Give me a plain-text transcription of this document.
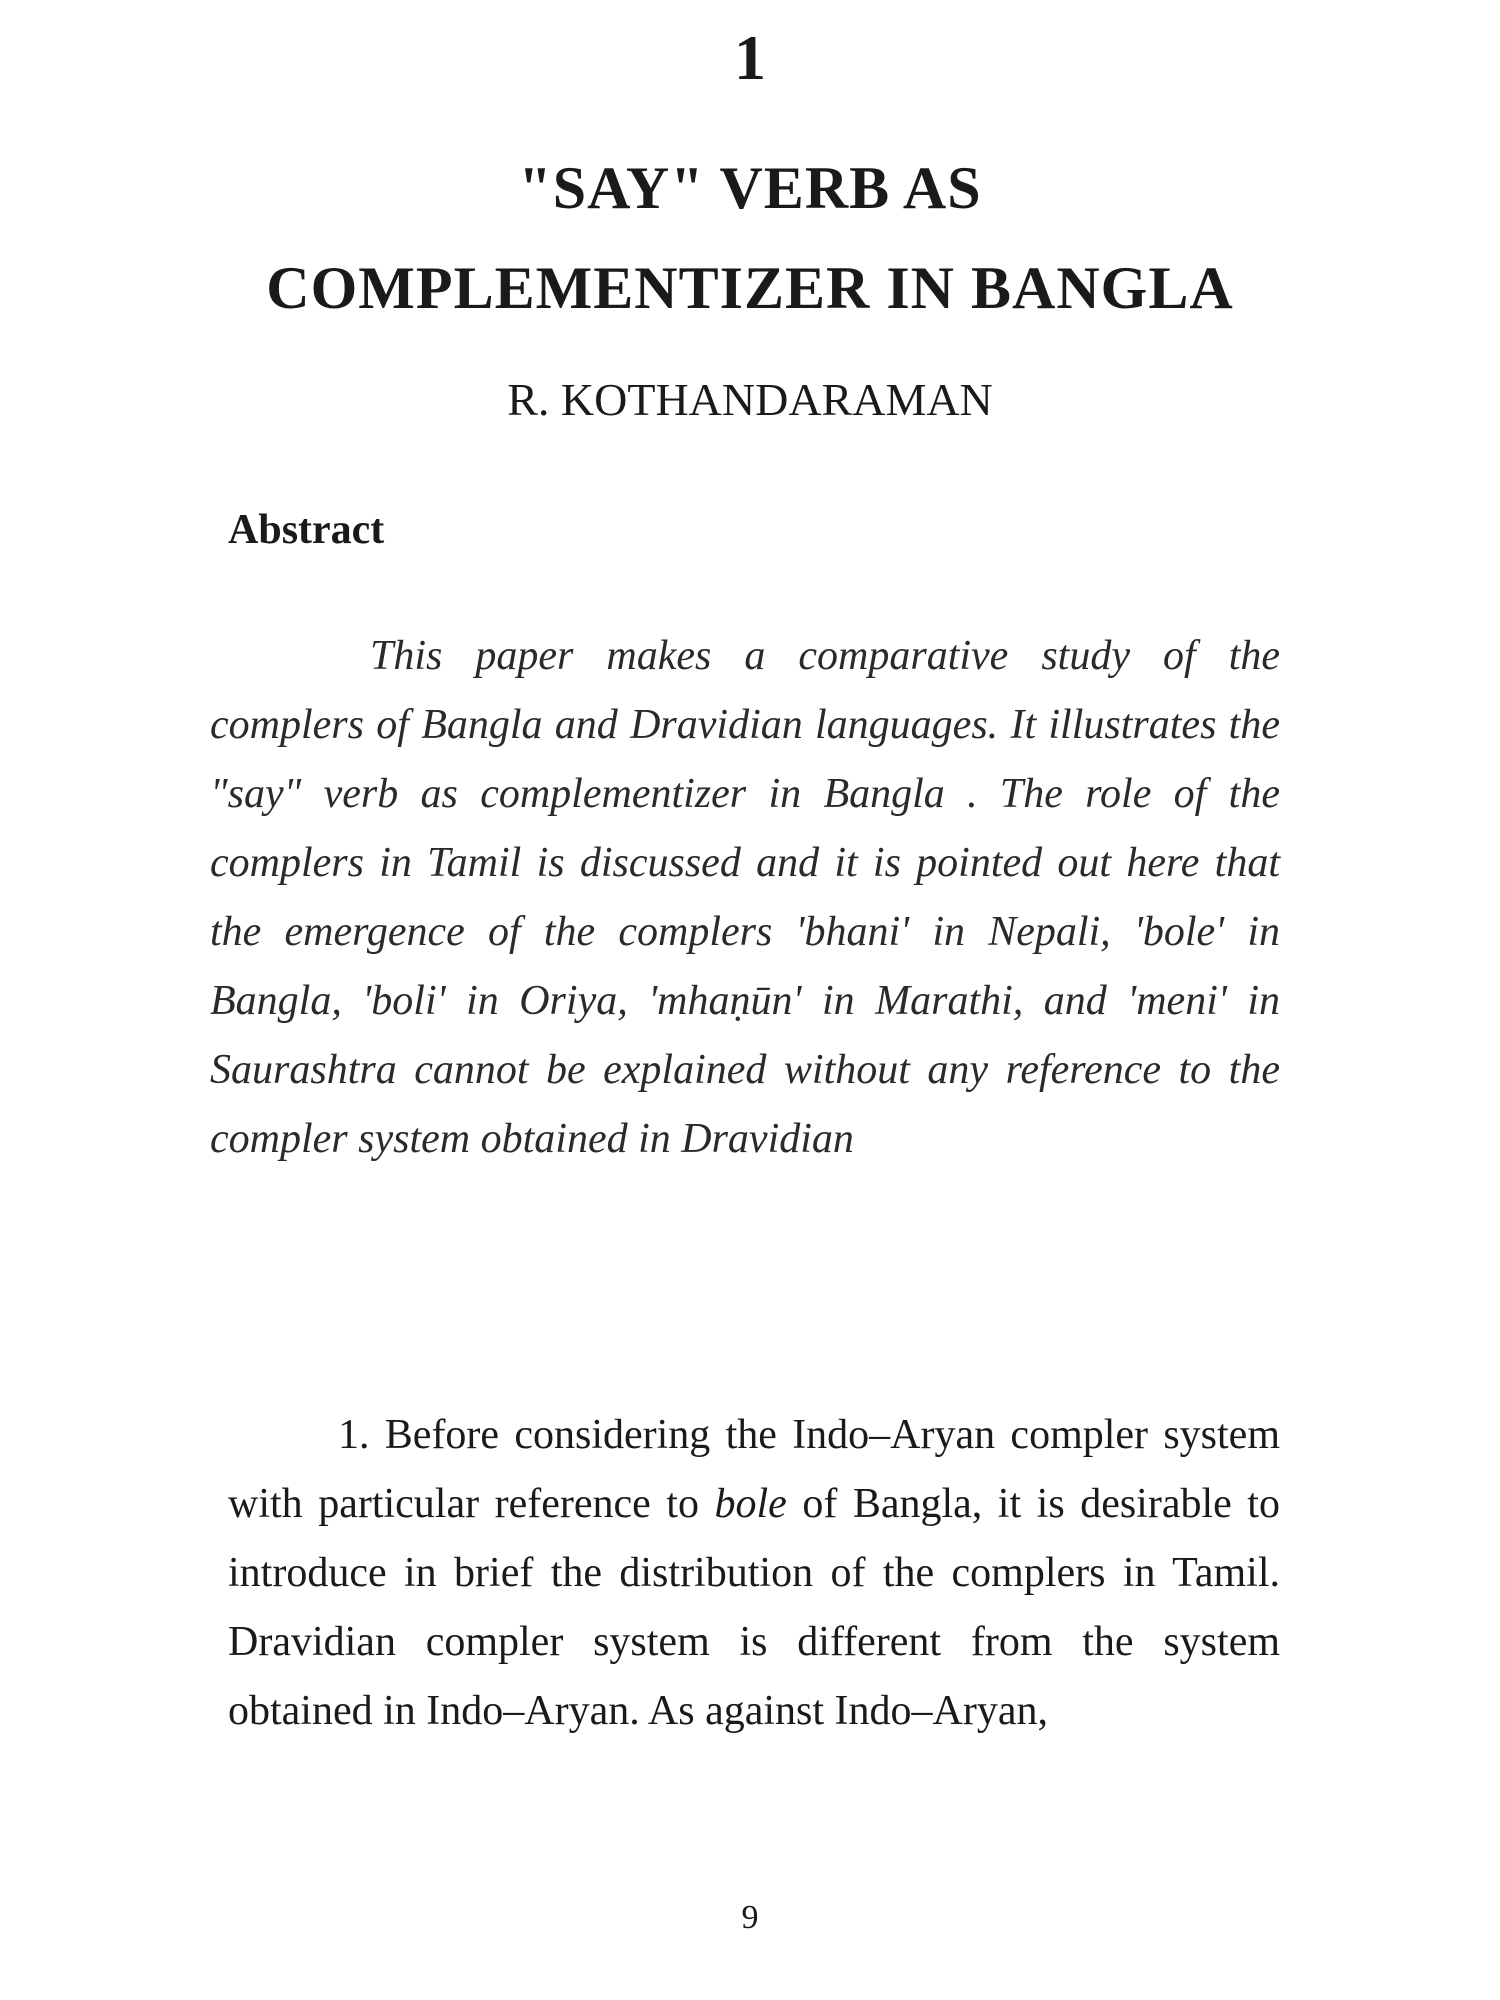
1
"SAY" VERB AS
COMPLEMENTIZER IN BANGLA
R. KOTHANDARAMAN
Abstract

This paper makes a comparative study of the complers of Bangla and Dravidian languages. It illustrates the "say" verb as complementizer in Bangla . The role of the complers in Tamil is discussed and it is pointed out here that the emergence of the complers 'bhani' in Nepali, 'bole' in Bangla, 'boli' in Oriya, 'mhaṇūn' in Marathi, and 'meni' in Saurashtra cannot be explained without any reference to the compler system obtained in Dravidian

1. Before considering the Indo–Aryan compler system with particular reference to bole of Bangla, it is desirable to introduce in brief the distribution of the complers in Tamil. Dravidian compler system is different from the system obtained in Indo–Aryan. As against Indo–Aryan,

9
